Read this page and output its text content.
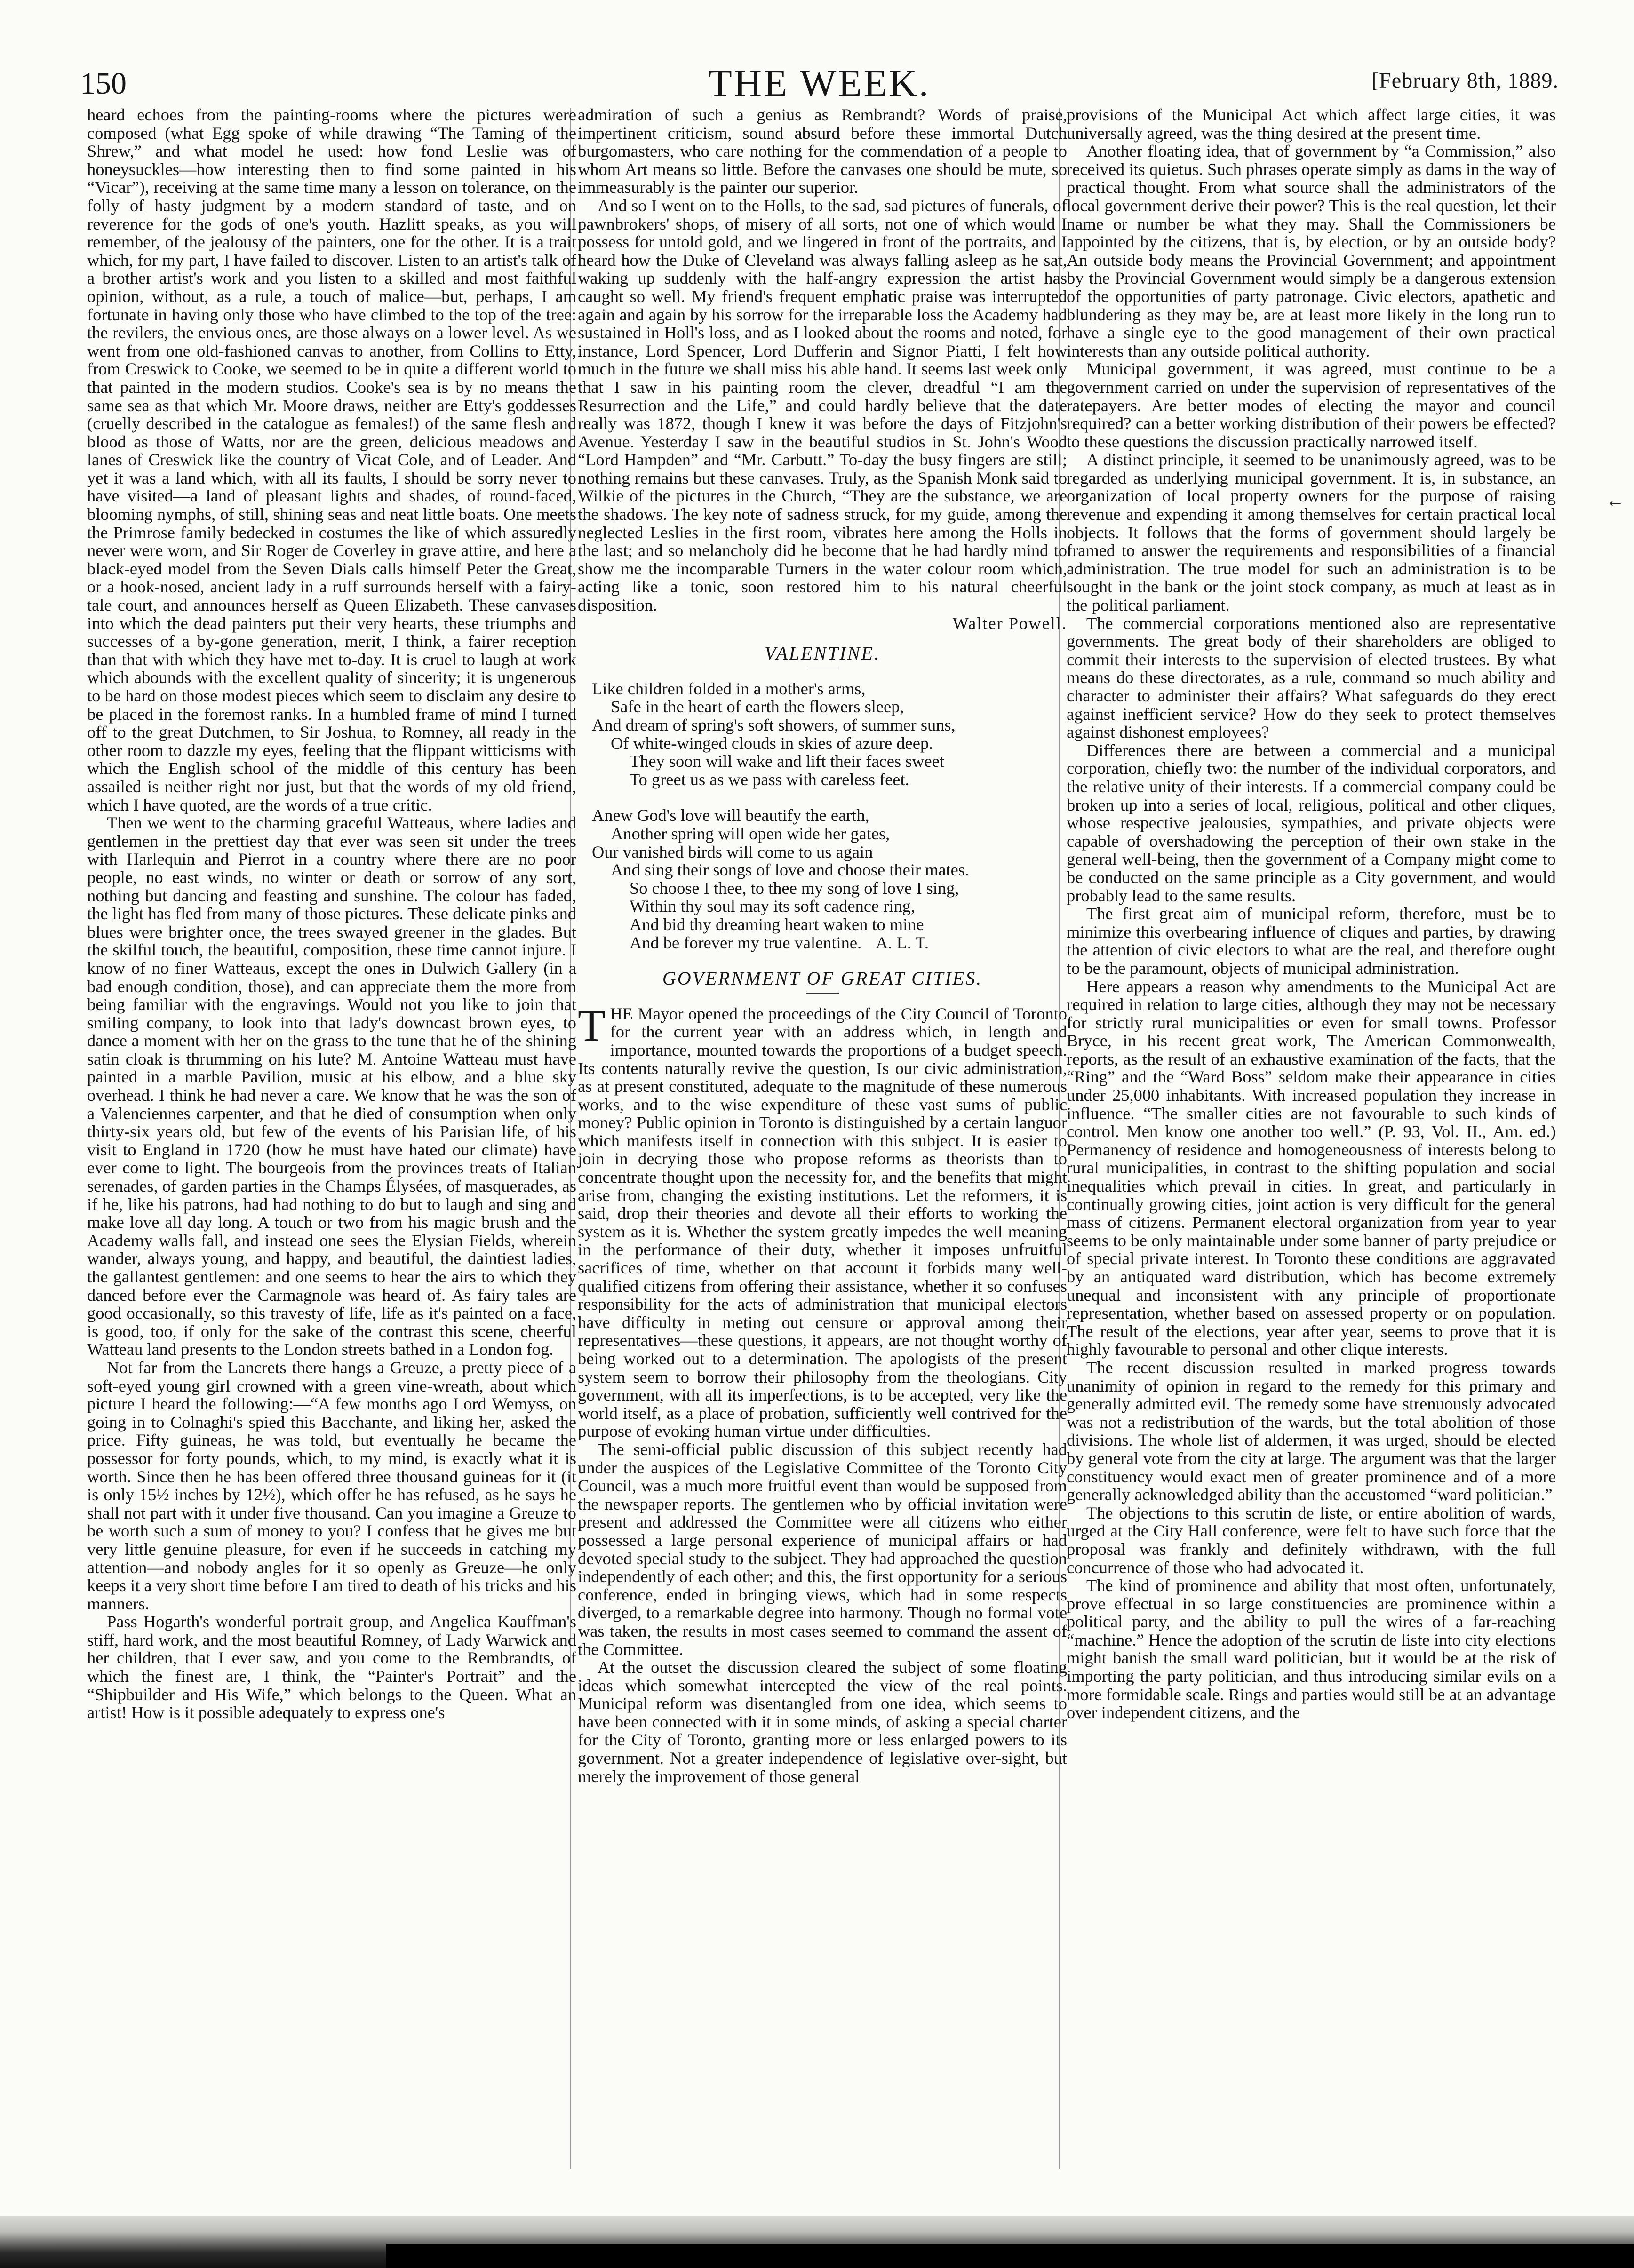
150	THE WEEK.	[February 8th, 1889.

heard echoes from the painting-rooms where the pictures were composed (what Egg spoke of while drawing “The Taming of the Shrew,” and what model he used: how fond Leslie was of honeysuckles—how interesting then to find some painted in his “Vicar”), receiving at the same time many a lesson on tolerance, on the folly of hasty judgment by a modern standard of taste, and on reverence for the gods of one's youth. Hazlitt speaks, as you will remember, of the jealousy of the painters, one for the other. It is a trait which, for my part, I have failed to discover. Listen to an artist's talk of a brother artist's work and you listen to a skilled and most faithful opinion, without, as a rule, a touch of malice—but, perhaps, I am fortunate in having only those who have climbed to the top of the tree: the revilers, the envious ones, are those always on a lower level. As we went from one old-fashioned canvas to another, from Collins to Etty, from Creswick to Cooke, we seemed to be in quite a different world to that painted in the modern studios. Cooke's sea is by no means the same sea as that which Mr. Moore draws, neither are Etty's goddesses (cruelly described in the catalogue as females!) of the same flesh and blood as those of Watts, nor are the green, delicious meadows and lanes of Creswick like the country of Vicat Cole, and of Leader. And yet it was a land which, with all its faults, I should be sorry never to have visited—a land of pleasant lights and shades, of round-faced, blooming nymphs, of still, shining seas and neat little boats. One meets the Primrose family bedecked in costumes the like of which assuredly never were worn, and Sir Roger de Coverley in grave attire, and here a black-eyed model from the Seven Dials calls himself Peter the Great, or a hook-nosed, ancient lady in a ruff surrounds herself with a fairy-tale court, and announces herself as Queen Elizabeth. These canvases into which the dead painters put their very hearts, these triumphs and successes of a by-gone generation, merit, I think, a fairer reception than that with which they have met to-day. It is cruel to laugh at work which abounds with the excellent quality of sincerity; it is ungenerous to be hard on those modest pieces which seem to disclaim any desire to be placed in the foremost ranks. In a humbled frame of mind I turned off to the great Dutchmen, to Sir Joshua, to Romney, all ready in the other room to dazzle my eyes, feeling that the flippant witticisms with which the English school of the middle of this century has been assailed is neither right nor just, but that the words of my old friend, which I have quoted, are the words of a true critic.

Then we went to the charming graceful Watteaus, where ladies and gentlemen in the prettiest day that ever was seen sit under the trees with Harlequin and Pierrot in a country where there are no poor people, no east winds, no winter or death or sorrow of any sort, nothing but dancing and feasting and sunshine. The colour has faded, the light has fled from many of those pictures. These delicate pinks and blues were brighter once, the trees swayed greener in the glades. But the skilful touch, the beautiful, composition, these time cannot injure. I know of no finer Watteaus, except the ones in Dulwich Gallery (in a bad enough condition, those), and can appreciate them the more from being familiar with the engravings. Would not you like to join that smiling company, to look into that lady's downcast brown eyes, to dance a moment with her on the grass to the tune that he of the shining satin cloak is thrumming on his lute? M. Antoine Watteau must have painted in a marble Pavilion, music at his elbow, and a blue sky overhead. I think he had never a care. We know that he was the son of a Valenciennes carpenter, and that he died of consumption when only thirty-six years old, but few of the events of his Parisian life, of his visit to England in 1720 (how he must have hated our climate) have ever come to light. The bourgeois from the provinces treats of Italian serenades, of garden parties in the Champs Élysées, of masquerades, as if he, like his patrons, had had nothing to do but to laugh and sing and make love all day long. A touch or two from his magic brush and the Academy walls fall, and instead one sees the Elysian Fields, wherein wander, always young, and happy, and beautiful, the daintiest ladies, the gallantest gentlemen: and one seems to hear the airs to which they danced before ever the Carmagnole was heard of. As fairy tales are good occasionally, so this travesty of life, life as it's painted on a face, is good, too, if only for the sake of the contrast this scene, cheerful Watteau land presents to the London streets bathed in a London fog.

Not far from the Lancrets there hangs a Greuze, a pretty piece of a soft-eyed young girl crowned with a green vine-wreath, about which picture I heard the following:—“A few months ago Lord Wemyss, on going in to Colnaghi's spied this Bacchante, and liking her, asked the price. Fifty guineas, he was told, but eventually he became the possessor for forty pounds, which, to my mind, is exactly what it is worth. Since then he has been offered three thousand guineas for it (it is only 15½ inches by 12½), which offer he has refused, as he says he shall not part with it under five thousand. Can you imagine a Greuze to be worth such a sum of money to you? I confess that he gives me but very little genuine pleasure, for even if he succeeds in catching my attention—and nobody angles for it so openly as Greuze—he only keeps it a very short time before I am tired to death of his tricks and his manners.

Pass Hogarth's wonderful portrait group, and Angelica Kauffman's stiff, hard work, and the most beautiful Romney, of Lady Warwick and her children, that I ever saw, and you come to the Rembrandts, of which the finest are, I think, the “Painter's Portrait” and the “Shipbuilder and His Wife,” which belongs to the Queen. What an artist! How is it possible adequately to express one's

admiration of such a genius as Rembrandt? Words of praise, impertinent criticism, sound absurd before these immortal Dutch burgomasters, who care nothing for the commendation of a people to whom Art means so little. Before the canvases one should be mute, so immeasurably is the painter our superior.

And so I went on to the Holls, to the sad, sad pictures of funerals, of pawnbrokers' shops, of misery of all sorts, not one of which would I possess for untold gold, and we lingered in front of the portraits, and I heard how the Duke of Cleveland was always falling asleep as he sat, waking up suddenly with the half-angry expression the artist has caught so well. My friend's frequent emphatic praise was interrupted again and again by his sorrow for the irreparable loss the Academy had sustained in Holl's loss, and as I looked about the rooms and noted, for instance, Lord Spencer, Lord Dufferin and Signor Piatti, I felt how much in the future we shall miss his able hand. It seems last week only that I saw in his painting room the clever, dreadful “I am the Resurrection and the Life,” and could hardly believe that the date really was 1872, though I knew it was before the days of Fitzjohn's Avenue. Yesterday I saw in the beautiful studios in St. John's Wood “Lord Hampden” and “Mr. Carbutt.” To-day the busy fingers are still; nothing remains but these canvases. Truly, as the Spanish Monk said to Wilkie of the pictures in the Church, “They are the substance, we are the shadows. The key note of sadness struck, for my guide, among the neglected Leslies in the first room, vibrates here among the Holls in the last; and so melancholy did he become that he had hardly mind to show me the incomparable Turners in the water colour room which, acting like a tonic, soon restored him to his natural cheerful disposition.

Walter Powell.
VALENTINE.
Like children folded in a mother's arms,
Safe in the heart of earth the flowers sleep,
And dream of spring's soft showers, of summer suns,
Of white-winged clouds in skies of azure deep.
They soon will wake and lift their faces sweet
To greet us as we pass with careless feet.
Anew God's love will beautify the earth,
Another spring will open wide her gates,
Our vanished birds will come to us again
And sing their songs of love and choose their mates.
So choose I thee, to thee my song of love I sing,
Within thy soul may its soft cadence ring,
And bid thy dreaming heart waken to mine
And be forever my true valentine. A. L. T.
GOVERNMENT OF GREAT CITIES.

THE Mayor opened the proceedings of the City Council of Toronto for the current year with an address which, in length and importance, mounted towards the proportions of a budget speech. Its contents naturally revive the question, Is our civic administration, as at present constituted, adequate to the magnitude of these numerous works, and to the wise expenditure of these vast sums of public money? Public opinion in Toronto is distinguished by a certain languor which manifests itself in connection with this subject. It is easier to join in decrying those who propose reforms as theorists than to concentrate thought upon the necessity for, and the benefits that might arise from, changing the existing institutions. Let the reformers, it is said, drop their theories and devote all their efforts to working the system as it is. Whether the system greatly impedes the well meaning in the performance of their duty, whether it imposes unfruitful sacrifices of time, whether on that account it forbids many well-qualified citizens from offering their assistance, whether it so confuses responsibility for the acts of administration that municipal electors have difficulty in meting out censure or approval among their representatives—these questions, it appears, are not thought worthy of being worked out to a determination. The apologists of the present system seem to borrow their philosophy from the theologians. City government, with all its imperfections, is to be accepted, very like the world itself, as a place of probation, sufficiently well contrived for the purpose of evoking human virtue under difficulties.

The semi-official public discussion of this subject recently had under the auspices of the Legislative Committee of the Toronto City Council, was a much more fruitful event than would be supposed from the newspaper reports. The gentlemen who by official invitation were present and addressed the Committee were all citizens who either possessed a large personal experience of municipal affairs or had devoted special study to the subject. They had approached the question independently of each other; and this, the first opportunity for a serious conference, ended in bringing views, which had in some respects diverged, to a remarkable degree into harmony. Though no formal vote was taken, the results in most cases seemed to command the assent of the Committee.

At the outset the discussion cleared the subject of some floating ideas which somewhat intercepted the view of the real points. Municipal reform was disentangled from one idea, which seems to have been connected with it in some minds, of asking a special charter for the City of Toronto, granting more or less enlarged powers to its government. Not a greater independence of legislative over-sight, but merely the improvement of those general

provisions of the Municipal Act which affect large cities, it was universally agreed, was the thing desired at the present time.

Another floating idea, that of government by “a Commission,” also received its quietus. Such phrases operate simply as dams in the way of practical thought. From what source shall the administrators of the local government derive their power? This is the real question, let their name or number be what they may. Shall the Commissioners be appointed by the citizens, that is, by election, or by an outside body? An outside body means the Provincial Government; and appointment by the Provincial Government would simply be a dangerous extension of the opportunities of party patronage. Civic electors, apathetic and blundering as they may be, are at least more likely in the long run to have a single eye to the good management of their own practical interests than any outside political authority.

Municipal government, it was agreed, must continue to be a government carried on under the supervision of representatives of the ratepayers. Are better modes of electing the mayor and council required? can a better working distribution of their powers be effected? to these questions the discussion practically narrowed itself.

A distinct principle, it seemed to be unanimously agreed, was to be regarded as underlying municipal government. It is, in substance, an organization of local property owners for the purpose of raising revenue and expending it among themselves for certain practical local objects. It follows that the forms of government should largely be framed to answer the requirements and responsibilities of a financial administration. The true model for such an administration is to be sought in the bank or the joint stock company, as much at least as in the political parliament.

The commercial corporations mentioned also are representative governments. The great body of their shareholders are obliged to commit their interests to the supervision of elected trustees. By what means do these directorates, as a rule, command so much ability and character to administer their affairs? What safeguards do they erect against inefficient service? How do they seek to protect themselves against dishonest employees?

Differences there are between a commercial and a municipal corporation, chiefly two: the number of the individual corporators, and the relative unity of their interests. If a commercial company could be broken up into a series of local, religious, political and other cliques, whose respective jealousies, sympathies, and private objects were capable of overshadowing the perception of their own stake in the general well-being, then the government of a Company might come to be conducted on the same principle as a City government, and would probably lead to the same results.

The first great aim of municipal reform, therefore, must be to minimize this overbearing influence of cliques and parties, by drawing the attention of civic electors to what are the real, and therefore ought to be the paramount, objects of municipal administration.

Here appears a reason why amendments to the Municipal Act are required in relation to large cities, although they may not be necessary for strictly rural municipalities or even for small towns. Professor Bryce, in his recent great work, The American Commonwealth, reports, as the result of an exhaustive examination of the facts, that the “Ring” and the “Ward Boss” seldom make their appearance in cities under 25,000 inhabitants. With increased population they increase in influence. “The smaller cities are not favourable to such kinds of control. Men know one another too well.” (P. 93, Vol. II., Am. ed.) Permanency of residence and homogeneousness of interests belong to rural municipalities, in contrast to the shifting population and social inequalities which prevail in cities. In great, and particularly in continually growing cities, joint action is very difficult for the general mass of citizens. Permanent electoral organization from year to year seems to be only maintainable under some banner of party prejudice or of special private interest. In Toronto these conditions are aggravated by an antiquated ward distribution, which has become extremely unequal and inconsistent with any principle of proportionate representation, whether based on assessed property or on population. The result of the elections, year after year, seems to prove that it is highly favourable to personal and other clique interests.

The recent discussion resulted in marked progress towards unanimity of opinion in regard to the remedy for this primary and generally admitted evil. The remedy some have strenuously advocated was not a redistribution of the wards, but the total abolition of those divisions. The whole list of aldermen, it was urged, should be elected by general vote from the city at large. The argument was that the larger constituency would exact men of greater prominence and of a more generally acknowledged ability than the accustomed “ward politician.”

The objections to this scrutin de liste, or entire abolition of wards, urged at the City Hall conference, were felt to have such force that the proposal was frankly and definitely withdrawn, with the full concurrence of those who had advocated it.

The kind of prominence and ability that most often, unfortunately, prove effectual in so large constituencies are prominence within a political party, and the ability to pull the wires of a far-reaching “machine.” Hence the adoption of the scrutin de liste into city elections might banish the small ward politician, but it would be at the risk of importing the party politician, and thus introducing similar evils on a more formidable scale. Rings and parties would still be at an advantage over independent citizens, and the

←
